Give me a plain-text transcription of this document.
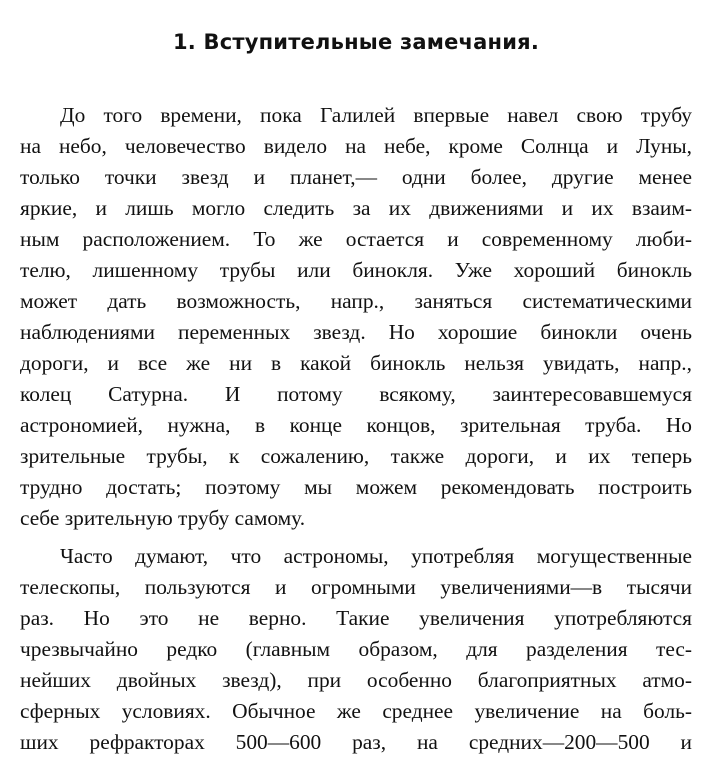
1. Вступительные замечания.
До того времени, пока Галилей впервые навел свою трубу
на небо, человечество видело на небе, кроме Солнца и Луны,
только точки звезд и планет,— одни более, другие менее
яркие, и лишь могло следить за их движениями и их взаим-
ным расположением. То же остается и современному люби-
телю, лишенному трубы или бинокля. Уже хороший бинокль
может дать возможность, напр., заняться систематическими
наблюдениями переменных звезд. Но хорошие бинокли очень
дороги, и все же ни в какой бинокль нельзя увидать, напр.,
колец Сатурна. И потому всякому, заинтересовавшемуся
астрономией, нужна, в конце концов, зрительная труба. Но
зрительные трубы, к сожалению, также дороги, и их теперь
трудно достать; поэтому мы можем рекомендовать построить
себе зрительную трубу самому.
Часто думают, что астрономы, употребляя могущественные
телескопы, пользуются и огромными увеличениями—в тысячи
раз. Но это не верно. Такие увеличения употребляются
чрезвычайно редко (главным образом, для разделения тес-
нейших двойных звезд), при особенно благоприятных атмо-
сферных условиях. Обычное же среднее увеличение на боль-
ших рефракторах 500—600 раз, на средних—200—500 и
